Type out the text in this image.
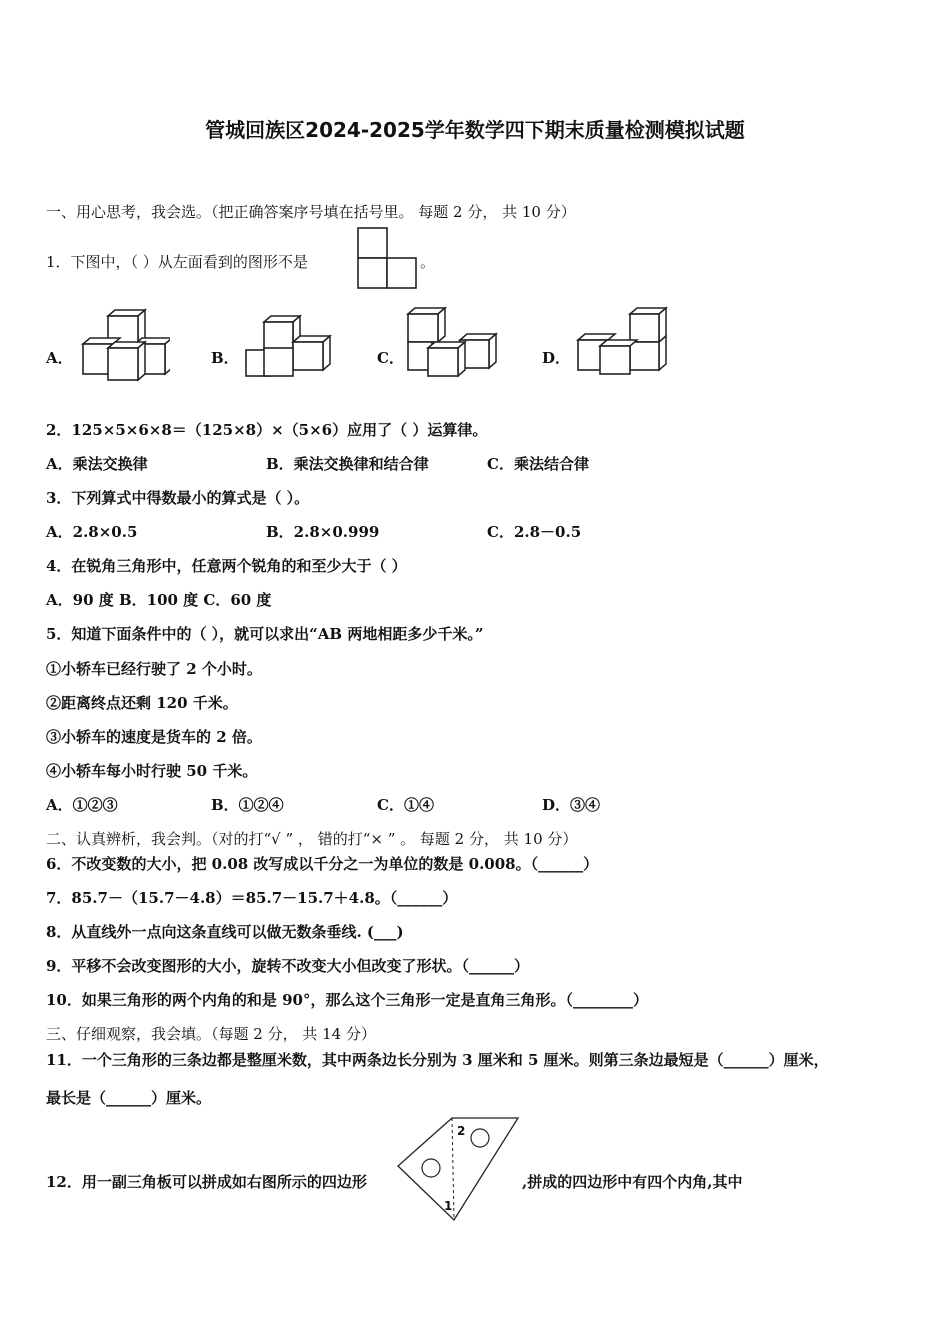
管城回族区2024-2025学年数学四下期末质量检测模拟试题
一、用心思考，我会选。（把正确答案序号填在括号里。 每题 2 分， 共 10 分）
1．下图中，（ ）从左面看到的图形不是	。
A．	B．	C．	D．
2．125×5×6×8＝（125×8）×（5×6）应用了（ ）运算律。
A．乘法交换律	B．乘法交换律和结合律	C．乘法结合律
3．下列算式中得数最小的算式是（ ）。
A．2.8×0.5	B．2.8×0.999	C．2.8－0.5
4．在锐角三角形中，任意两个锐角的和至少大于（ ）
A．90 度 B．100 度 C．60 度
5．知道下面条件中的（ ），就可以求出“AB 两地相距多少千米。”
①小轿车已经行驶了 2 个小时。
②距离终点还剩 120 千米。
③小轿车的速度是货车的 2 倍。
④小轿车每小时行驶 50 千米。
A．①②③	B．①②④	C．①④	D．③④
二、认真辨析，我会判。（对的打“√ ” ， 错的打“× ” 。 每题 2 分， 共 10 分）
6．不改变数的大小，把 0.08 改写成以千分之一为单位的数是 0.008。（______）
7．85.7－（15.7－4.8）＝85.7－15.7＋4.8。（______）
8．从直线外一点向这条直线可以做无数条垂线. (___)
9．平移不会改变图形的大小，旋转不改变大小但改变了形状。（______）
10．如果三角形的两个内角的和是 90°，那么这个三角形一定是直角三角形。（________）
三、仔细观察，我会填。（每题 2 分， 共 14 分）
11．一个三角形的三条边都是整厘米数，其中两条边长分别为 3 厘米和 5 厘米。则第三条边最短是（______）厘米，
最长是（______）厘米。
12．用一副三角板可以拼成如右图所示的四边形
2
1
,拼成的四边形中有四个内角,其中
